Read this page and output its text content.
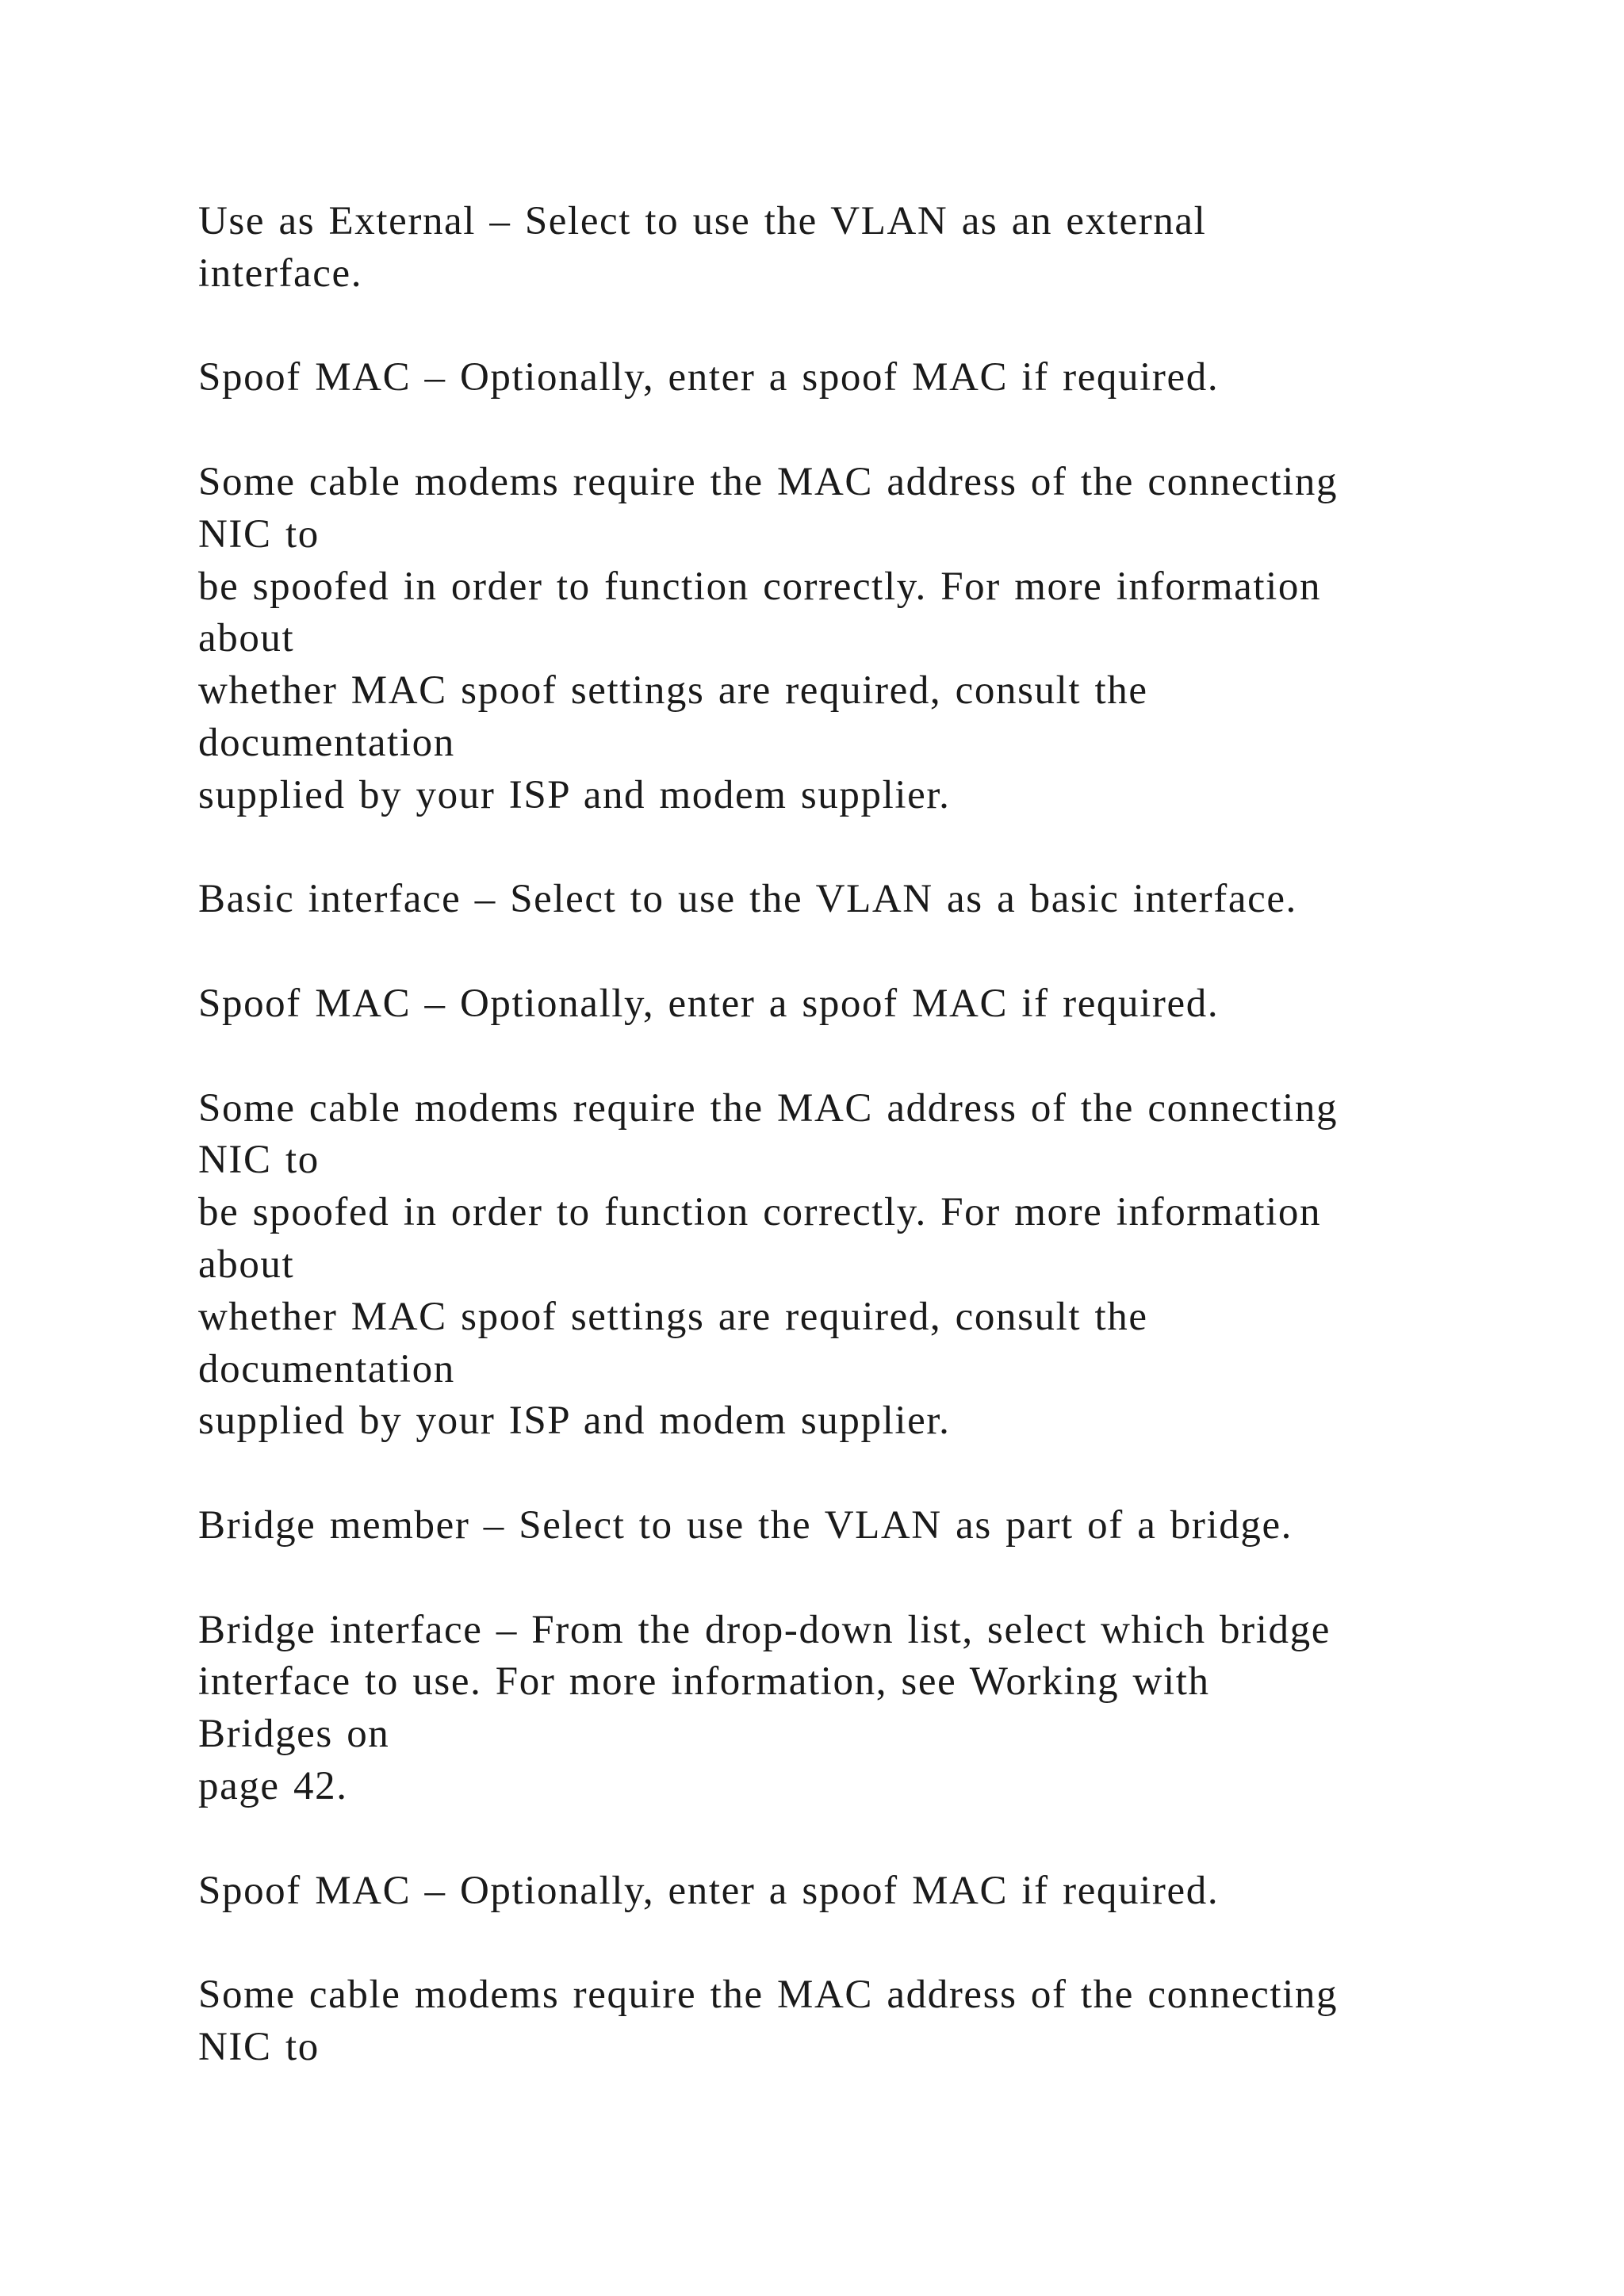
Use as External – Select to use the VLAN as an external
interface.
Spoof MAC – Optionally, enter a spoof MAC if required.
Some cable modems require the MAC address of the connecting
NIC to
be spoofed in order to function correctly. For more information
about
whether MAC spoof settings are required, consult the
documentation
supplied by your ISP and modem supplier.
Basic interface – Select to use the VLAN as a basic interface.
Spoof MAC – Optionally, enter a spoof MAC if required.
Some cable modems require the MAC address of the connecting
NIC to
be spoofed in order to function correctly. For more information
about
whether MAC spoof settings are required, consult the
documentation
supplied by your ISP and modem supplier.
Bridge member – Select to use the VLAN as part of a bridge.
Bridge interface – From the drop-down list, select which bridge
interface to use. For more information, see Working with
Bridges on
page 42.
Spoof MAC – Optionally, enter a spoof MAC if required.
Some cable modems require the MAC address of the connecting
NIC to
